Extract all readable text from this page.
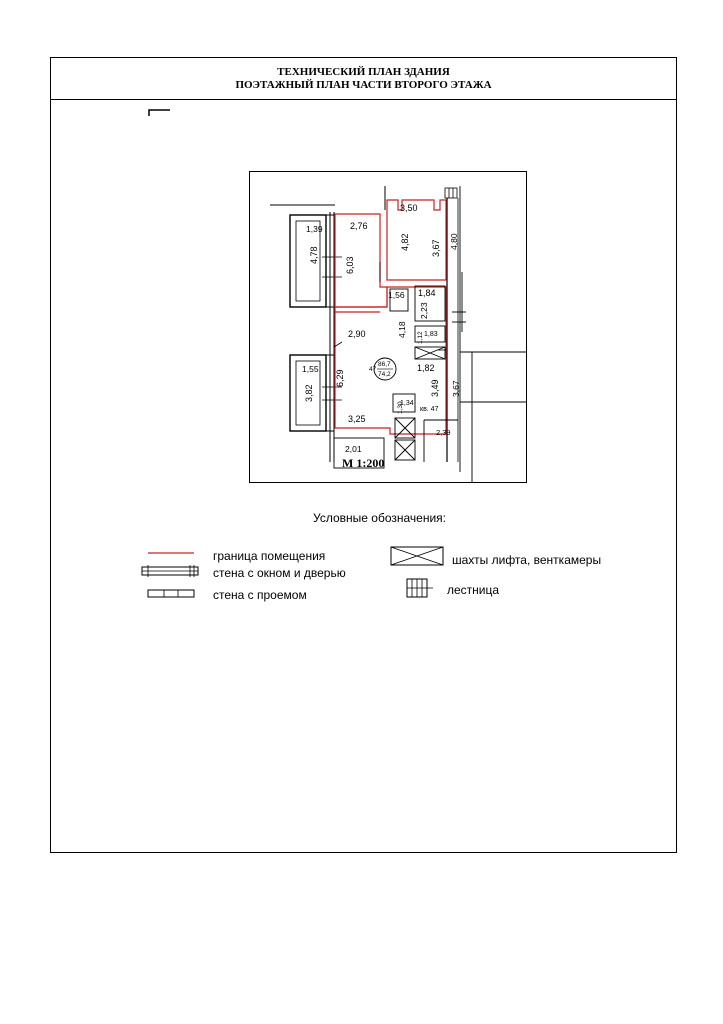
ТЕХНИЧЕСКИЙ ПЛАН ЗДАНИЯ
ПОЭТАЖНЫЙ ПЛАН ЧАСТИ ВТОРОГО ЭТАЖА
2,76
3,50
1,39
4,78
6,03
4,82 3,67 4,80
1,56 1,84
2,23
4,18
2,90	1,83
1,12
1,55
3,82
6,29
1,82
3,49 3,67
3,25
1,34
1,30
2,39
2,01
кв. 47
47
86,7
74,2
М 1:200
Условные обозначения:
граница помещения
стена с окном и дверью
стена с проемом
шахты лифта, венткамеры
лестница
